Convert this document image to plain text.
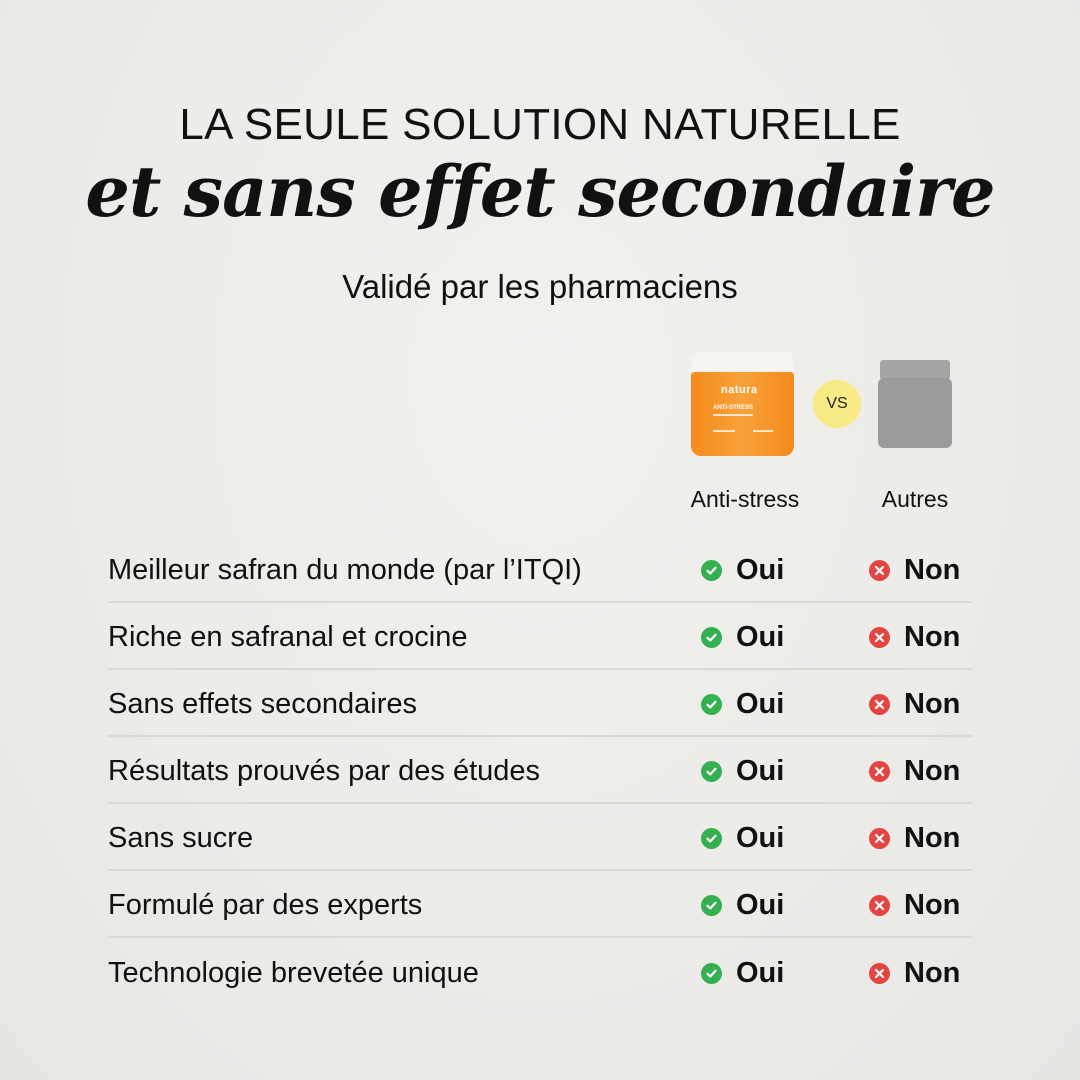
LA SEULE SOLUTION NATURELLE
et sans effet secondaire
Validé par les pharmaciens
natura
ANTI-STRESS	VS
Anti-stress	Autres
Meilleur safran du monde (par l’ITQI)	Oui	Non
Riche en safranal et crocine	Oui	Non
Sans effets secondaires	Oui	Non
Résultats prouvés par des études	Oui	Non
Sans sucre	Oui	Non
Formulé par des experts	Oui	Non
Technologie brevetée unique	Oui	Non
